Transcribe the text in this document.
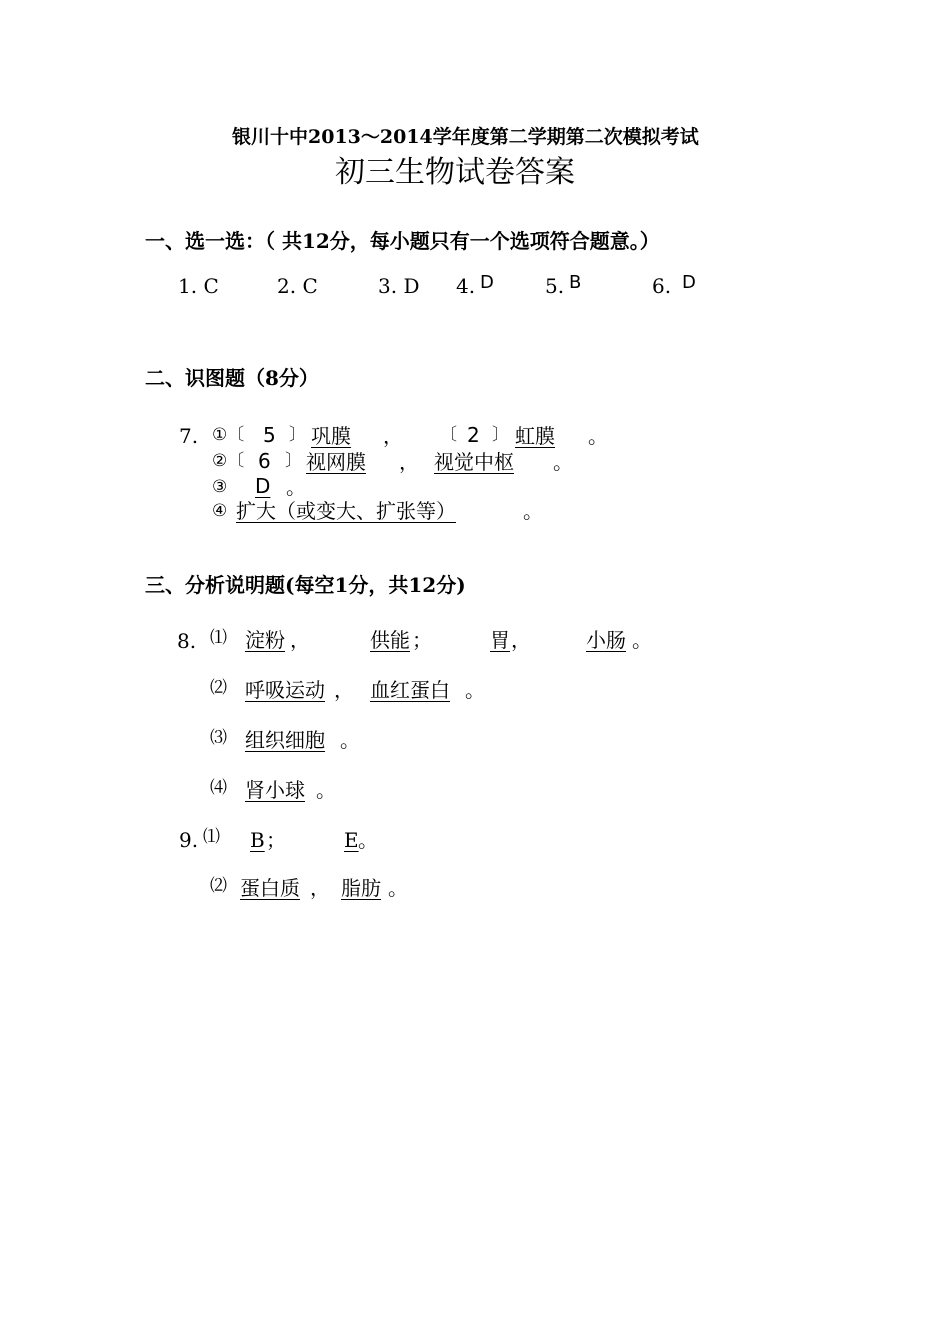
银川十中2013～2014学年度第二学期第二次模拟考试
初三生物试卷答案
一、选一选：（ 共12分，每小题只有一个选项符合题意。）
1. C	2. C	3. D 4. D	5. B	6. D
二、识图题（8分）
7. ①〔 5 〕 巩膜 ， 〔 2 〕 虹膜 。
②〔 6 〕 视网膜 ， 视觉中枢 。
③ D 。
④ 扩大（或变大、扩张等）	。
三、分析说明题(每空1分，共12分)
8. ⑴ 淀粉 ，	供能 ；	胃 ，	小肠 。
⑵ 呼吸运动 ， 血红蛋白 。
⑶ 组织细胞 。
⑷ 肾小球 。
9. ⑴ B ；	E 。
⑵ 蛋白质 ， 脂肪 。
